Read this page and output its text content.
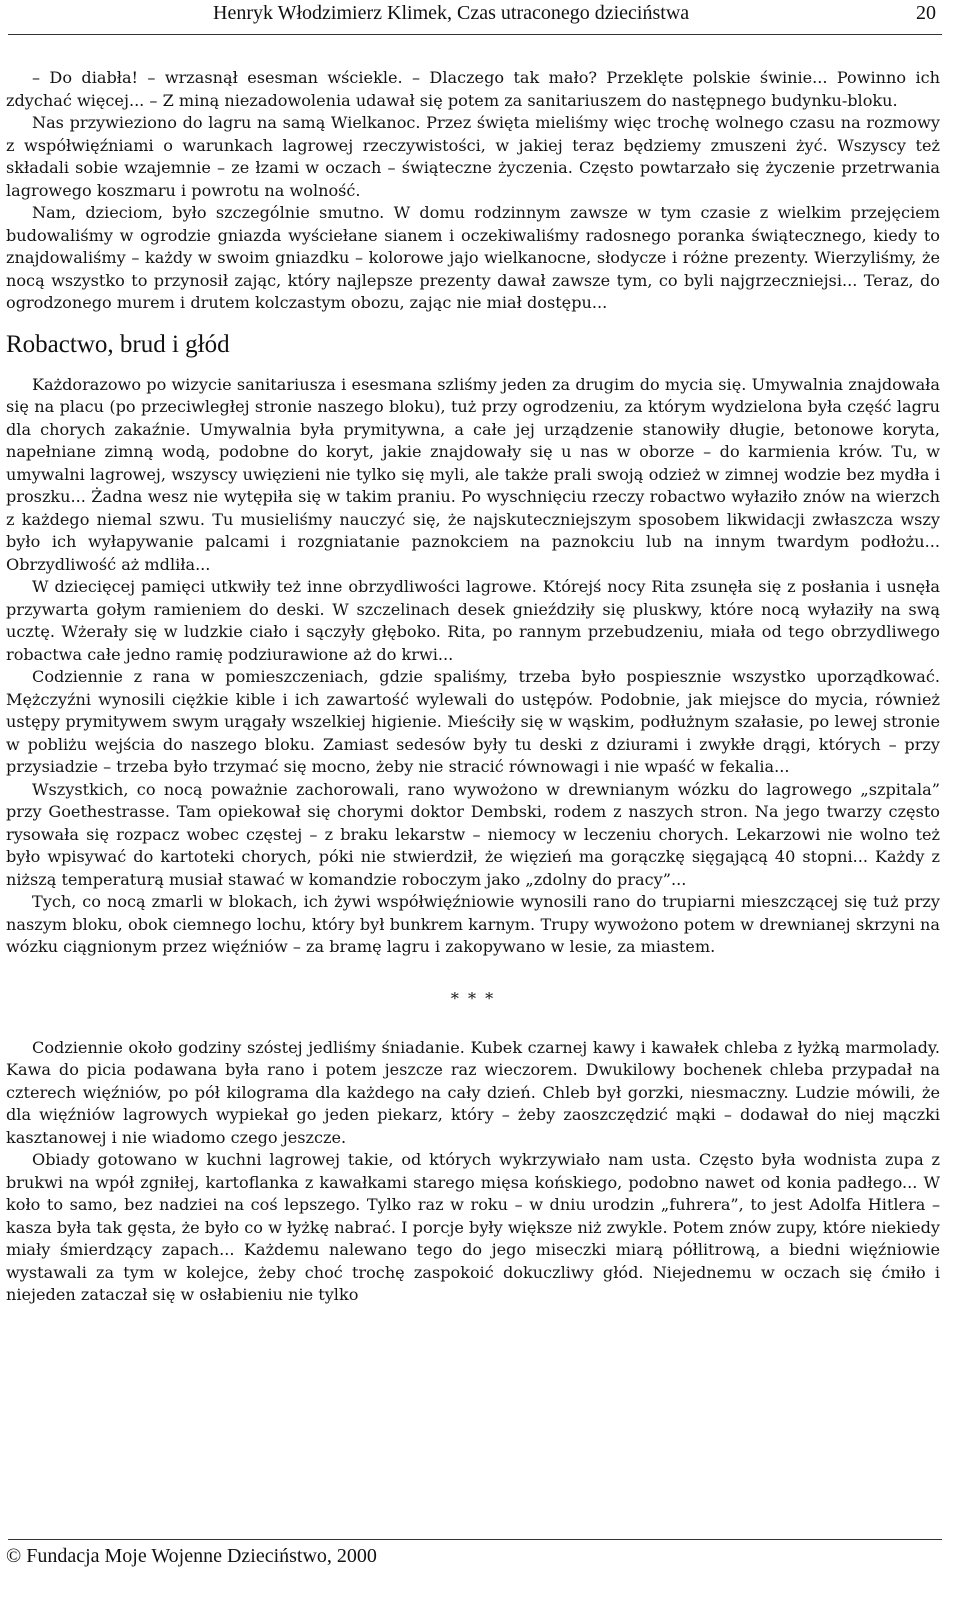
Henryk Włodzimierz Klimek, Czas utraconego dzieciństwa	20

– Do diabła! – wrzasnął esesman wściekle. – Dlaczego tak mało? Przeklęte polskie świnie... Powinno ich zdychać więcej... – Z miną niezadowolenia udawał się potem za sanitariuszem do następnego budynku-bloku.

Nas przywieziono do lagru na samą Wielkanoc. Przez święta mieliśmy więc trochę wolnego czasu na rozmowy z współwięźniami o warunkach lagrowej rzeczywistości, w jakiej teraz będziemy zmuszeni żyć. Wszyscy też składali sobie wzajemnie – ze łzami w oczach – świąteczne życzenia. Często powtarzało się życzenie przetrwania lagrowego koszmaru i powrotu na wolność.

Nam, dzieciom, było szczególnie smutno. W domu rodzinnym zawsze w tym czasie z wielkim przejęciem budowaliśmy w ogrodzie gniazda wyściełane sianem i oczekiwaliśmy radosnego poranka świątecznego, kiedy to znajdowaliśmy – każdy w swoim gniazdku – kolorowe jajo wielkanocne, słodycze i różne prezenty. Wierzyliśmy, że nocą wszystko to przynosił zając, który najlepsze prezenty dawał zawsze tym, co byli najgrzeczniejsi... Teraz, do ogrodzonego murem i drutem kolczastym obozu, zając nie miał dostępu...

Robactwo, brud i głód

Każdorazowo po wizycie sanitariusza i esesmana szliśmy jeden za drugim do mycia się. Umywalnia znajdowała się na placu (po przeciwległej stronie naszego bloku), tuż przy ogrodzeniu, za którym wydzielona była część lagru dla chorych zakaźnie. Umywalnia była prymitywna, a całe jej urządzenie stanowiły długie, betonowe koryta, napełniane zimną wodą, podobne do koryt, jakie znajdowały się u nas w oborze – do karmienia krów. Tu, w umywalni lagrowej, wszyscy uwięzieni nie tylko się myli, ale także prali swoją odzież w zimnej wodzie bez mydła i proszku... Żadna wesz nie wytępiła się w takim praniu. Po wyschnięciu rzeczy robactwo wyłaziło znów na wierzch z każdego niemal szwu. Tu musieliśmy nauczyć się, że najskuteczniejszym sposobem likwidacji zwłaszcza wszy było ich wyłapywanie palcami i rozgniatanie paznokciem na paznokciu lub na innym twardym podłożu... Obrzydliwość aż mdliła...

W dziecięcej pamięci utkwiły też inne obrzydliwości lagrowe. Którejś nocy Rita zsunęła się z posłania i usnęła przywarta gołym ramieniem do deski. W szczelinach desek gnieździły się pluskwy, które nocą wyłaziły na swą ucztę. Wżerały się w ludzkie ciało i sączyły głęboko. Rita, po rannym przebudzeniu, miała od tego obrzydliwego robactwa całe jedno ramię podziurawione aż do krwi...

Codziennie z rana w pomieszczeniach, gdzie spaliśmy, trzeba było pospiesznie wszystko uporządkować. Mężczyźni wynosili ciężkie kible i ich zawartość wylewali do ustępów. Podobnie, jak miejsce do mycia, również ustępy prymitywem swym urągały wszelkiej higienie. Mieściły się w wąskim, podłużnym szałasie, po lewej stronie w pobliżu wejścia do naszego bloku. Zamiast sedesów były tu deski z dziurami i zwykłe drągi, których – przy przysiadzie – trzeba było trzymać się mocno, żeby nie stracić równowagi i nie wpaść w fekalia...

Wszystkich, co nocą poważnie zachorowali, rano wywożono w drewnianym wózku do lagrowego „szpitala” przy Goethestrasse. Tam opiekował się chorymi doktor Dembski, rodem z naszych stron. Na jego twarzy często rysowała się rozpacz wobec częstej – z braku lekarstw – niemocy w leczeniu chorych. Lekarzowi nie wolno też było wpisywać do kartoteki chorych, póki nie stwierdził, że więzień ma gorączkę sięgającą 40 stopni... Każdy z niższą temperaturą musiał stawać w komandzie roboczym jako „zdolny do pracy”...

Tych, co nocą zmarli w blokach, ich żywi współwięźniowie wynosili rano do trupiarni mieszczącej się tuż przy naszym bloku, obok ciemnego lochu, który był bunkrem karnym. Trupy wywożono potem w drewnianej skrzyni na wózku ciągnionym przez więźniów – za bramę lagru i zakopywano w lesie, za miastem.

* * *

Codziennie około godziny szóstej jedliśmy śniadanie. Kubek czarnej kawy i kawałek chleba z łyżką marmolady. Kawa do picia podawana była rano i potem jeszcze raz wieczorem. Dwukilowy bochenek chleba przypadał na czterech więźniów, po pół kilograma dla każdego na cały dzień. Chleb był gorzki, niesmaczny. Ludzie mówili, że dla więźniów lagrowych wypiekał go jeden piekarz, który – żeby zaoszczędzić mąki – dodawał do niej mączki kasztanowej i nie wiadomo czego jeszcze.

Obiady gotowano w kuchni lagrowej takie, od których wykrzywiało nam usta. Często była wodnista zupa z brukwi na wpół zgniłej, kartoflanka z kawałkami starego mięsa końskiego, podobno nawet od konia padłego... W koło to samo, bez nadziei na coś lepszego. Tylko raz w roku – w dniu urodzin „fuhrera”, to jest Adolfa Hitlera – kasza była tak gęsta, że było co w łyżkę nabrać. I porcje były większe niż zwykle. Potem znów zupy, które niekiedy miały śmierdzący zapach... Każdemu nalewano tego do jego miseczki miarą półlitrową, a biedni więźniowie wystawali za tym w kolejce, żeby choć trochę zaspokoić dokuczliwy głód. Niejednemu w oczach się ćmiło i niejeden zataczał się w osłabieniu nie tylko

© Fundacja Moje Wojenne Dzieciństwo, 2000
